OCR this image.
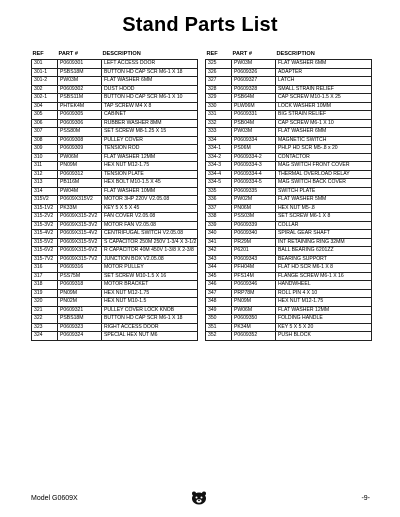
Stand Parts List
REF	PART #	DESCRIPTION
301	P0609301	LEFT ACCESS DOOR
301-1	PSBS18M	BUTTON HD CAP SCR M6-1 X 18
301-2	PW03M	FLAT WASHER 6MM
302	P0609302	DUST HOOD
302-1	PSBS11M	BUTTON HD CAP SCR M6-1 X 10
304	PHTEK4M	TAP SCREW M4 X 8
305	P0609305	CABINET
306	P0609306	RUBBER WASHER 8MM
307	PSS80M	SET SCREW M8-1.25 X 15
308	P0609308	PULLEY COVER
309	P0609309	TENSION ROD
310	PW06M	FLAT WASHER 12MM
311	PN09M	HEX NUT M12-1.75
312	P0609312	TENSION PLATE
313	PB116M	HEX BOLT M10-1.5 X 45
314	PW04M	FLAT WASHER 10MM
315V2	P0609X315V2	MOTOR 3HP 220V V2.05.08
315-1V2	PK33M	KEY 5 X 5 X 45
315-2V2	P0609X315-2V2	FAN COVER V2.05.08
315-3V2	P0609X315-3V2	MOTOR FAN V2.05.08
315-4V2	P0609X315-4V2	CENTRIFUGAL SWITCH V2.05.08
315-5V2	P0609X315-5V2	S CAPACITOR 250M 250V 1-3/4 X 3-1/2
315-6V2	P0609X315-6V2	R CAPACITOR 40M 450V 1-3/8 X 2-3/8
315-7V2	P0609X315-7V2	JUNCTION BOX V2.05.08
316	P0609316	MOTOR PULLEY
317	PSS75M	SET SCREW M10-1.5 X 16
318	P0609318	MOTOR BRACKET
319	PN09M	HEX NUT M12-1.75
320	PN02M	HEX NUT M10-1.5
321	P0609321	PULLEY COVER LOCK KNOB
322	PSBS18M	BUTTON HD CAP SCR M6-1 X 18
323	P0609323	RIGHT ACCESS DOOR
324	P0609324	SPECIAL HEX NUT M6
REF	PART #	DESCRIPTION
325	PW03M	FLAT WASHER 6MM
326	P0609326	ADAPTER
327	P0609327	LATCH
328	P0609328	SMALL STRAIN RELIEF
329	PSB64M	CAP SCREW M10-1.5 X 25
330	PLW06M	LOCK WASHER 10MM
331	P0609331	BIG STRAIN RELIEF
332	PSB04M	CAP SCREW M6-1 X 10
333	PW03M	FLAT WASHER 6MM
334	P0609334	MAGNETIC SWITCH
334-1	PS06M	PHLP HD SCR M5-.8 x 20
334-2	P0609334-2	CONTACTOR
334-3	P0609334-3	MAG SWITCH FRONT COVER
334-4	P0609334-4	THERMAL OVERLOAD RELAY
334-5	P0609334-5	MAG SWITCH BACK COVER
335	P0609335	SWITCH PLATE
336	PW02M	FLAT WASHER 5MM
337	PN06M	HEX NUT M5-.8
338	PSS03M	SET SCREW M6-1 X 8
339	P0609339	COLLAR
340	P0609340	SPIRAL GEAR SHAFT
341	PR29M	INT RETAINING RING 32MM
342	P6201	BALL BEARING 6201ZZ
343	P0609343	BEARING SUPPORT
344	PFH04M	FLAT HD SCR M6-1 X 8
345	PFS14M	FLANGE SCREW M6-1 X 16
346	P0609346	HANDWHEEL
347	PRP78M	ROLL PIN 4 X 10
348	PN09M	HEX NUT M12-1.75
349	PW06M	FLAT WASHER 12MM
350	P0609350	FOLDING HANDLE
351	PK34M	KEY 5 X 5 X 20
352	P0609352	PUSH BLOCK
Model G0609X	-9-
